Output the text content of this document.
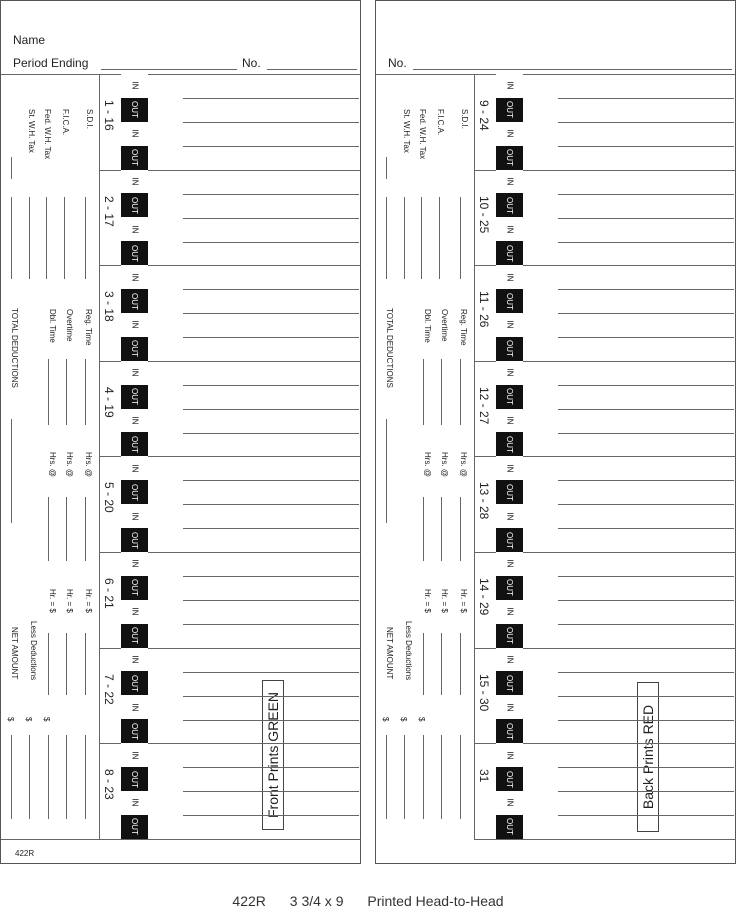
Name
Period Ending	No.
S.D.I.
F.I.C.A.
Fed. W.H. Tax
St. W.H. Tax
TOTAL DEDUCTIONS	Reg. Time
Overtime
Dbl. Time
Hrs. @
Hrs. @
Hrs. @
Hr. = $
Hr. = $
Hr. = $
Less Deductions
NET AMOUNT
$
$
$
422R
Front Prints GREEN
1 - 16
IN
OUT
IN
OUT
2 - 17
IN
OUT
IN
OUT
3 - 18
IN
OUT
IN
OUT
4 - 19
IN
OUT
IN
OUT
5 - 20
IN
OUT
IN
OUT
6 - 21
IN
OUT
IN
OUT
7 - 22
IN
OUT
IN
OUT
8 - 23
IN
OUT
IN
OUT
No.
S.D.I.
F.I.C.A.
Fed. W.H. Tax
St. W.H. Tax
TOTAL DEDUCTIONS	Reg. Time
Overtime
Dbl. Time
Hrs. @
Hrs. @
Hrs. @
Hr. = $
Hr. = $
Hr. = $
Less Deductions
NET AMOUNT
$
$
$	Back Prints RED
9 - 24
IN
OUT
IN
OUT
10 - 25
IN
OUT
IN
OUT
11 - 26
IN
OUT
IN
OUT
12 - 27
IN
OUT
IN
OUT
13 - 28
IN
OUT
IN
OUT
14 - 29
IN
OUT
IN
OUT
15 - 30
IN
OUT
IN
OUT
31
IN
OUT
IN
OUT
422R 3 3/4 x 9 Printed Head-to-Head
